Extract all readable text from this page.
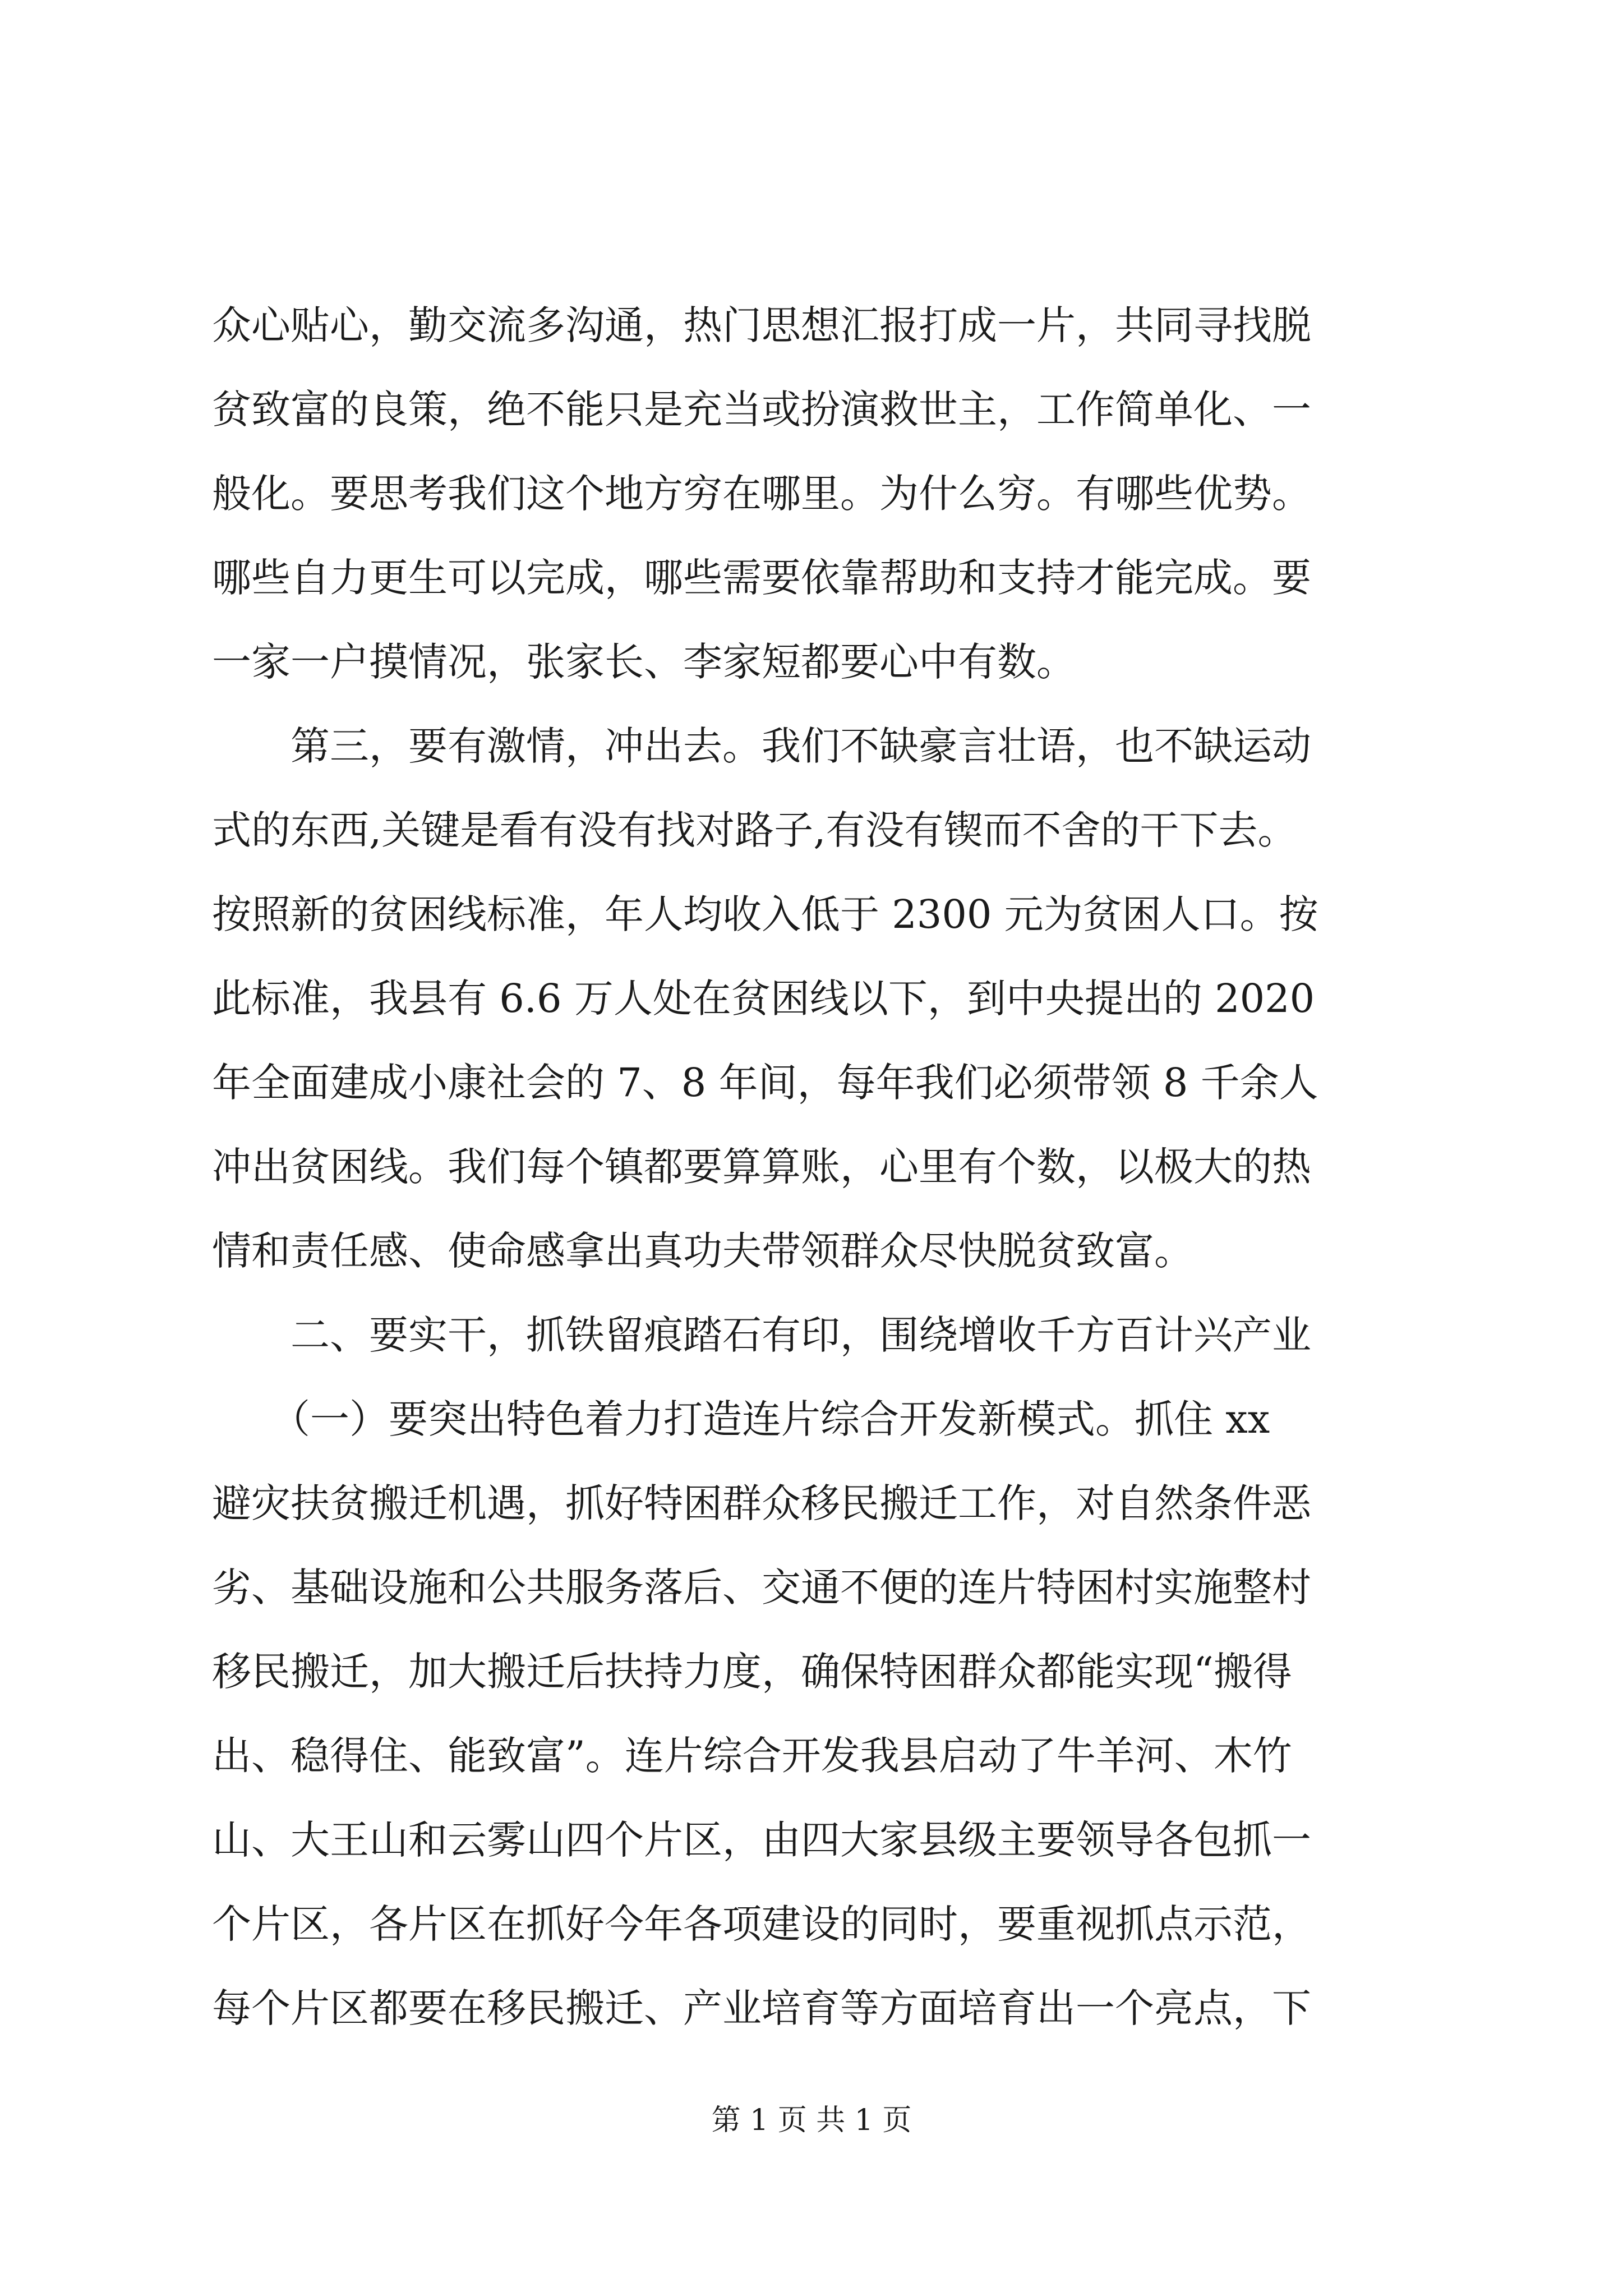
众心贴心，勤交流多沟通，热门思想汇报打成一片，共同寻找脱
贫致富的良策，绝不能只是充当或扮演救世主，工作简单化、一
般化。要思考我们这个地方穷在哪里。为什么穷。有哪些优势。
哪些自力更生可以完成，哪些需要依靠帮助和支持才能完成。要
一家一户摸情况，张家长、李家短都要心中有数。
　　第三，要有激情，冲出去。我们不缺豪言壮语，也不缺运动
式的东西,关键是看有没有找对路子,有没有锲而不舍的干下去。
按照新的贫困线标准，年人均收入低于 2300 元为贫困人口。按
此标准，我县有 6.6 万人处在贫困线以下，到中央提出的 2020
年全面建成小康社会的 7、8 年间，每年我们必须带领 8 千余人
冲出贫困线。我们每个镇都要算算账，心里有个数，以极大的热
情和责任感、使命感拿出真功夫带领群众尽快脱贫致富。
　　二、要实干，抓铁留痕踏石有印，围绕增收千方百计兴产业
　　（一）要突出特色着力打造连片综合开发新模式。抓住 xx
避灾扶贫搬迁机遇，抓好特困群众移民搬迁工作，对自然条件恶
劣、基础设施和公共服务落后、交通不便的连片特困村实施整村
移民搬迁，加大搬迁后扶持力度，确保特困群众都能实现“搬得
出、稳得住、能致富”。连片综合开发我县启动了牛羊河、木竹
山、大王山和云雾山四个片区，由四大家县级主要领导各包抓一
个片区，各片区在抓好今年各项建设的同时，要重视抓点示范，
每个片区都要在移民搬迁、产业培育等方面培育出一个亮点，下
第 1 页 共 1 页
